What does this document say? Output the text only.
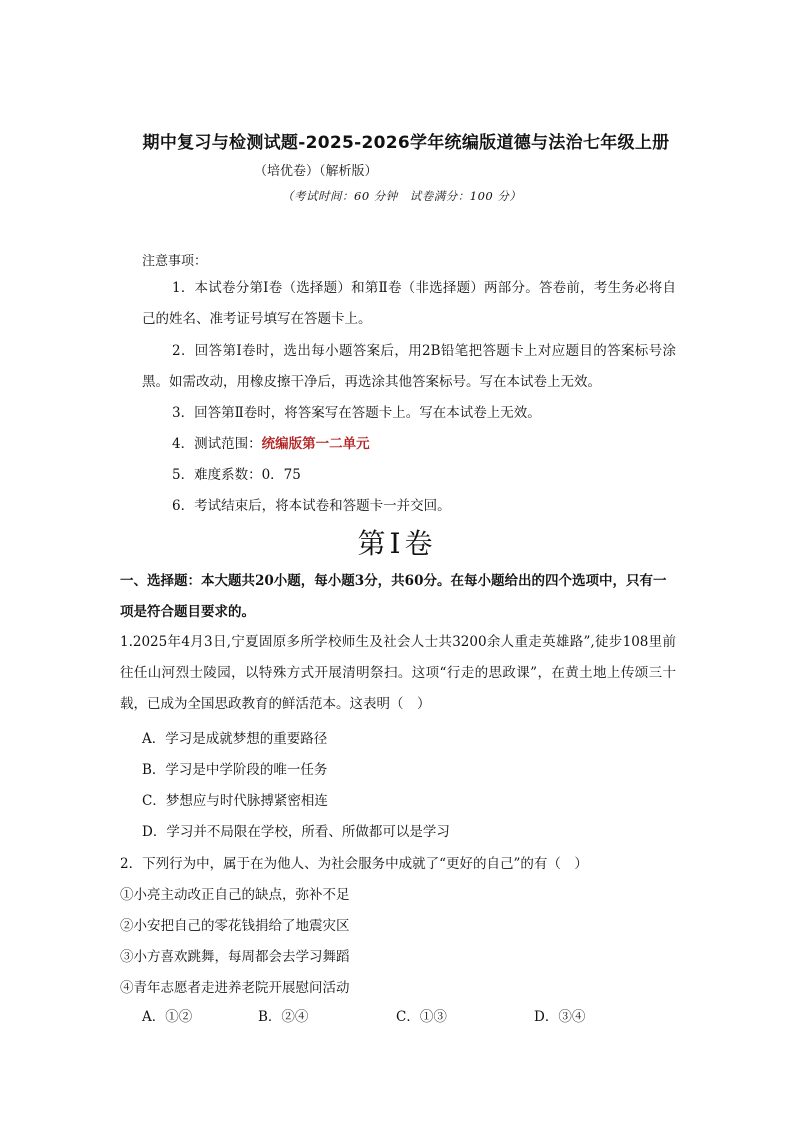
期中复习与检测试题-2025-2026学年统编版道德与法治七年级上册
（培优卷）（解析版）
（考试时间：60 分钟　试卷满分：100 分）
注意事项：
1．本试卷分第Ⅰ卷（选择题）和第Ⅱ卷（非选择题）两部分。答卷前，考生务必将自己的姓名、准考证号填写在答题卡上。
2．回答第Ⅰ卷时，选出每小题答案后，用2B铅笔把答题卡上对应题目的答案标号涂黑。如需改动，用橡皮擦干净后，再选涂其他答案标号。写在本试卷上无效。
3．回答第Ⅱ卷时，将答案写在答题卡上。写在本试卷上无效。
4．测试范围：统编版第一二单元
5．难度系数：0．75
6．考试结束后，将本试卷和答题卡一并交回。
第Ⅰ卷
一、选择题：本大题共20小题，每小题3分，共60分。在每小题给出的四个选项中，只有一项是符合题目要求的。
1.2025年4月3日,宁夏固原多所学校师生及社会人士共3200余人重走英雄路”,徒步108里前往任山河烈士陵园，以特殊方式开展清明祭扫。这项“行走的思政课”，在黄土地上传颂三十载，已成为全国思政教育的鲜活范本。这表明（　）
A．学习是成就梦想的重要路径
B．学习是中学阶段的唯一任务
C．梦想应与时代脉搏紧密相连
D．学习并不局限在学校，所看、所做都可以是学习
2．下列行为中，属于在为他人、为社会服务中成就了“更好的自己”的有（　）
①小亮主动改正自己的缺点，弥补不足
②小安把自己的零花钱捐给了地震灾区
③小方喜欢跳舞，每周都会去学习舞蹈
④青年志愿者走进养老院开展慰问活动
A．①②	B．②④	C．①③	D．③④
